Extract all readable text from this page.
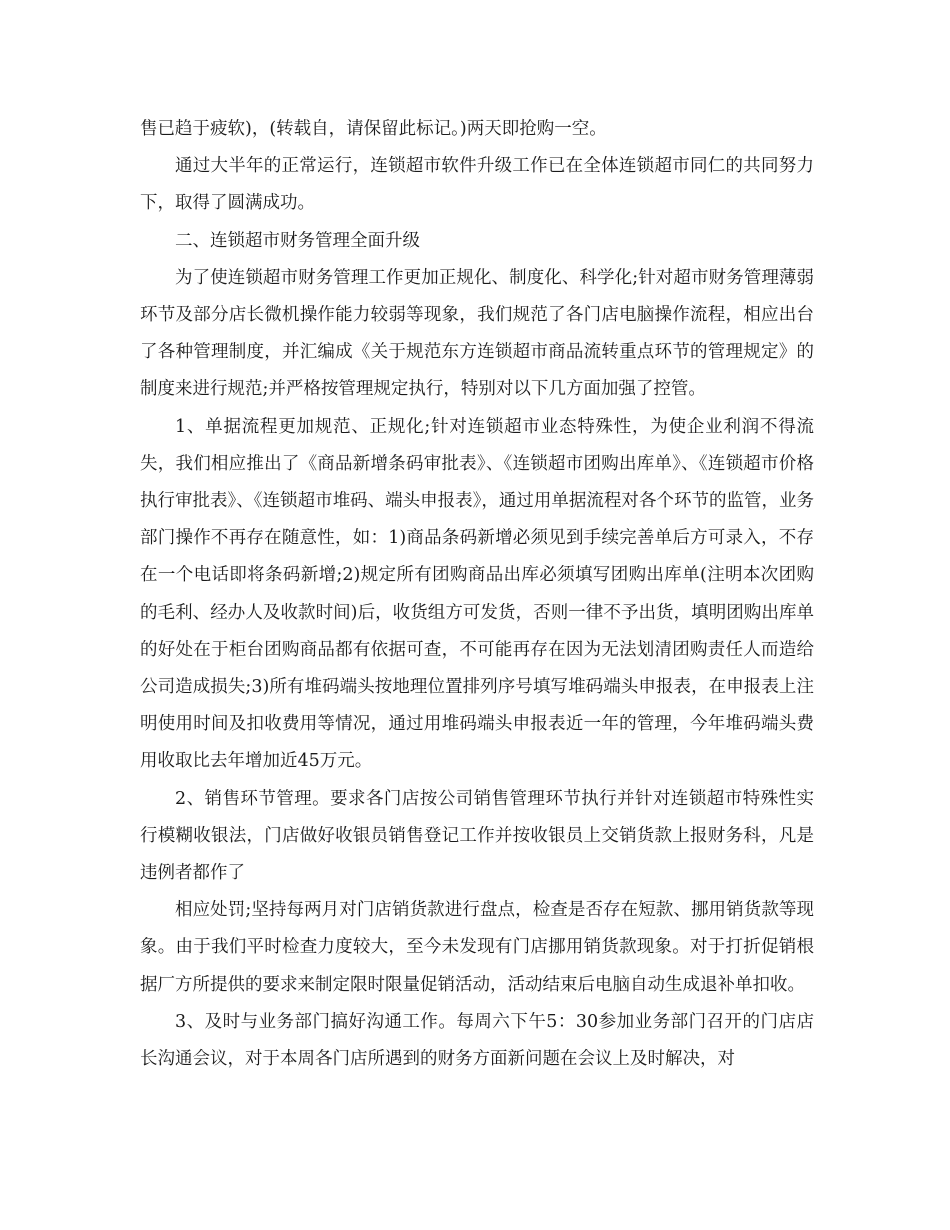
售已趋于疲软)，(转载自，请保留此标记。)两天即抢购一空。

通过大半年的正常运行，连锁超市软件升级工作已在全体连锁超市同仁的共同努力下，取得了圆满成功。

二、连锁超市财务管理全面升级

为了使连锁超市财务管理工作更加正规化、制度化、科学化;针对超市财务管理薄弱环节及部分店长微机操作能力较弱等现象，我们规范了各门店电脑操作流程，相应出台了各种管理制度，并汇编成《关于规范东方连锁超市商品流转重点环节的管理规定》的制度来进行规范;并严格按管理规定执行，特别对以下几方面加强了控管。

1、单据流程更加规范、正规化;针对连锁超市业态特殊性，为使企业利润不得流失，我们相应推出了《商品新增条码审批表》、《连锁超市团购出库单》、《连锁超市价格执行审批表》、《连锁超市堆码、端头申报表》，通过用单据流程对各个环节的监管，业务部门操作不再存在随意性，如：1)商品条码新增必须见到手续完善单后方可录入，不存在一个电话即将条码新增;2)规定所有团购商品出库必须填写团购出库单(注明本次团购的毛利、经办人及收款时间)后，收货组方可发货，否则一律不予出货，填明团购出库单的好处在于柜台团购商品都有依据可查，不可能再存在因为无法划清团购责任人而造给公司造成损失;3)所有堆码端头按地理位置排列序号填写堆码端头申报表，在申报表上注明使用时间及扣收费用等情况，通过用堆码端头申报表近一年的管理，今年堆码端头费用收取比去年增加近45万元。

2、销售环节管理。要求各门店按公司销售管理环节执行并针对连锁超市特殊性实行模糊收银法，门店做好收银员销售登记工作并按收银员上交销货款上报财务科，凡是违例者都作了

相应处罚;坚持每两月对门店销货款进行盘点，检查是否存在短款、挪用销货款等现象。由于我们平时检查力度较大，至今未发现有门店挪用销货款现象。对于打折促销根据厂方所提供的要求来制定限时限量促销活动，活动结束后电脑自动生成退补单扣收。

3、及时与业务部门搞好沟通工作。每周六下午5：30参加业务部门召开的门店店长沟通会议，对于本周各门店所遇到的财务方面新问题在会议上及时解决，对
